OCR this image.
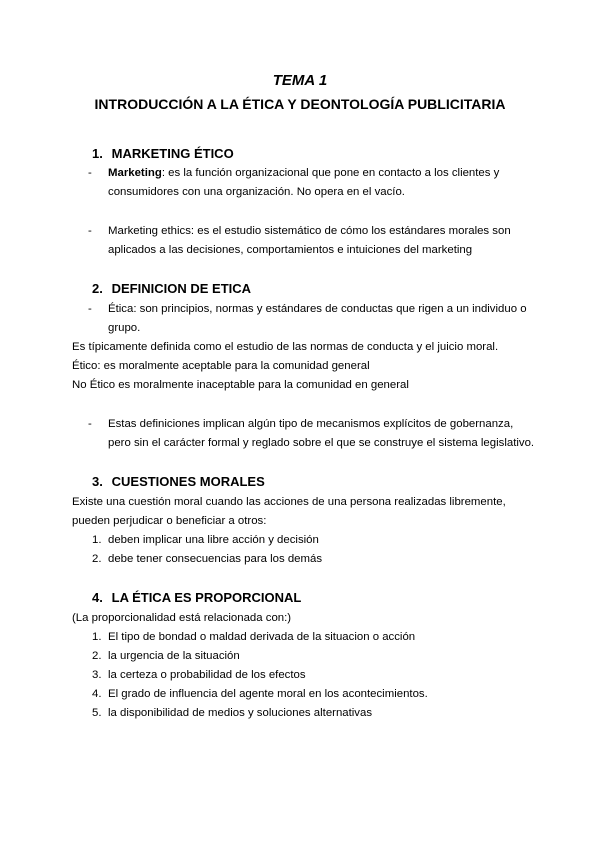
TEMA 1
INTRODUCCIÓN A LA ÉTICA Y DEONTOLOGÍA PUBLICITARIA
1. MARKETING ÉTICO
- Marketing: es la función organizacional que pone en contacto a los clientes y
consumidores con una organización. No opera en el vacío.
- Marketing ethics: es el estudio sistemático de cómo los estándares morales son
aplicados a las decisiones, comportamientos e intuiciones del marketing
2. DEFINICION DE ETICA
- Ética: son principios, normas y estándares de conductas que rigen a un individuo o
grupo.
Es típicamente definida como el estudio de las normas de conducta y el juicio moral.
Ético: es moralmente aceptable para la comunidad general
No Ético es moralmente inaceptable para la comunidad en general
- Estas definiciones implican algún tipo de mecanismos explícitos de gobernanza,
pero sin el carácter formal y reglado sobre el que se construye el sistema legislativo.
3. CUESTIONES MORALES
Existe una cuestión moral cuando las acciones de una persona realizadas libremente,
pueden perjudicar o beneficiar a otros:
1. deben implicar una libre acción y decisión
2. debe tener consecuencias para los demás
4. LA ÉTICA ES PROPORCIONAL
(La proporcionalidad está relacionada con:)
1. El tipo de bondad o maldad derivada de la situacion o acción
2. la urgencia de la situación
3. la certeza o probabilidad de los efectos
4. El grado de influencia del agente moral en los acontecimientos.
5. la disponibilidad de medios y soluciones alternativas
